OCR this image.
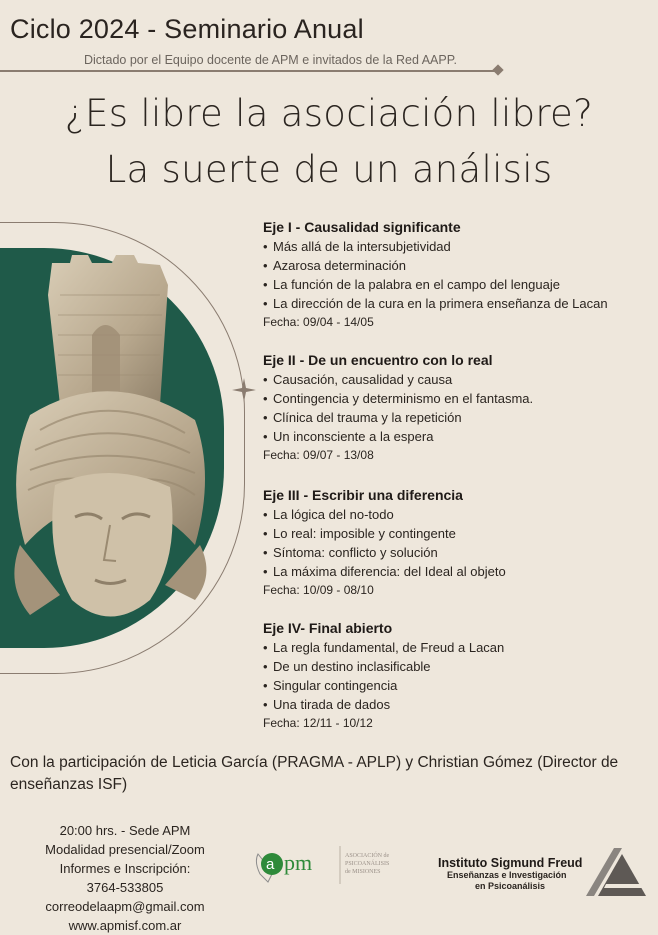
Ciclo 2024 - Seminario Anual
Dictado por el Equipo docente de APM e invitados de la Red AAPP.
¿Es libre la asociación libre?
La suerte de un análisis
Eje I - Causalidad significante
• Más allá de la intersubjetividad
• Azarosa determinación
• La función de la palabra en el campo del lenguaje
• La dirección de la cura en la primera enseñanza de Lacan
Fecha: 09/04 - 14/05
Eje II - De un encuentro con lo real
• Causación, causalidad y causa
• Contingencia y determinismo en el fantasma.
• Clínica del trauma y la repetición
• Un inconsciente a la espera
Fecha: 09/07 - 13/08
Eje III - Escribir una diferencia
• La lógica del no-todo
• Lo real: imposible y contingente
• Síntoma: conflicto y solución
• La máxima diferencia: del Ideal al objeto
Fecha: 10/09 - 08/10
Eje IV- Final abierto
• La regla fundamental, de Freud a Lacan
• De un destino inclasificable
• Singular contingencia
• Una tirada de dados
Fecha: 12/11 - 10/12
Con la participación de Leticia García (PRAGMA - APLP) y Christian Gómez (Director de enseñanzas ISF)
20:00 hrs. - Sede APM
Modalidad presencial/Zoom
Informes e Inscripción:
3764-533805
correodelaapm@gmail.com
www.apmisf.com.ar
a pm	ASOCIACIÓN de
PSICOANÁLISIS
de MISIONES
Instituto Sigmund Freud
Enseñanzas e Investigación
en Psicoanálisis
